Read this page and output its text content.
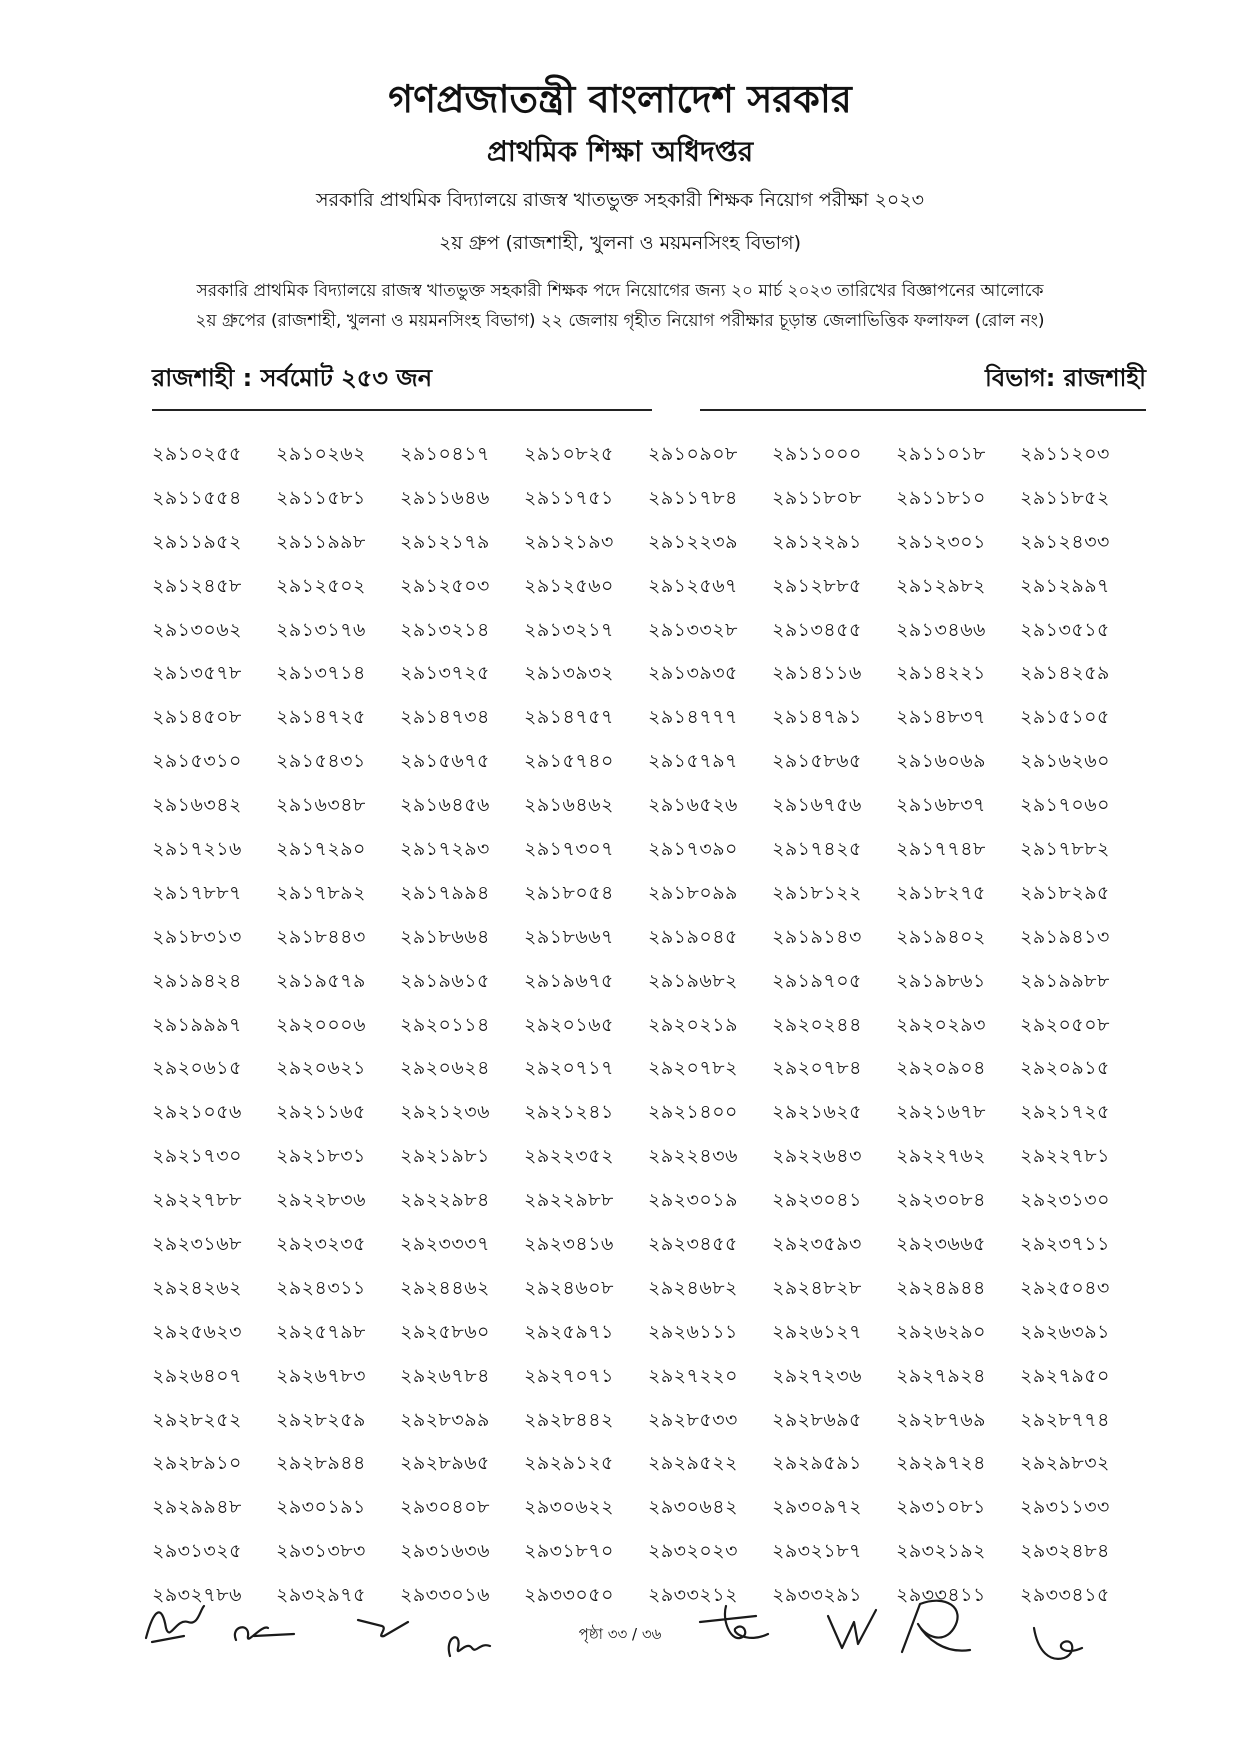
গণপ্রজাতন্ত্রী বাংলাদেশ সরকার
প্রাথমিক শিক্ষা অধিদপ্তর
সরকারি প্রাথমিক বিদ্যালয়ে রাজস্ব খাতভুক্ত সহকারী শিক্ষক নিয়োগ পরীক্ষা ২০২৩
২য় গ্রুপ (রাজশাহী, খুলনা ও ময়মনসিংহ বিভাগ)
সরকারি প্রাথমিক বিদ্যালয়ে রাজস্ব খাতভুক্ত সহকারী শিক্ষক পদে নিয়োগের জন্য ২০ মার্চ ২০২৩ তারিখের বিজ্ঞাপনের আলোকে
২য় গ্রুপের (রাজশাহী, খুলনা ও ময়মনসিংহ বিভাগ) ২২ জেলায় গৃহীত নিয়োগ পরীক্ষার চূড়ান্ত জেলাভিত্তিক ফলাফল (রোল নং)
রাজশাহী : সর্বমোট ২৫৩ জন	বিভাগ: রাজশাহী
২৯১০২৫৫	২৯১০২৬২	২৯১০৪১৭	২৯১০৮২৫	২৯১০৯০৮	২৯১১০০০	২৯১১০১৮	২৯১১২০৩
২৯১১৫৫৪	২৯১১৫৮১	২৯১১৬৪৬	২৯১১৭৫১	২৯১১৭৮৪	২৯১১৮০৮	২৯১১৮১০	২৯১১৮৫২
২৯১১৯৫২	২৯১১৯৯৮	২৯১২১৭৯	২৯১২১৯৩	২৯১২২৩৯	২৯১২২৯১	২৯১২৩০১	২৯১২৪৩৩
২৯১২৪৫৮	২৯১২৫০২	২৯১২৫০৩	২৯১২৫৬০	২৯১২৫৬৭	২৯১২৮৮৫	২৯১২৯৮২	২৯১২৯৯৭
২৯১৩০৬২	২৯১৩১৭৬	২৯১৩২১৪	২৯১৩২১৭	২৯১৩৩২৮	২৯১৩৪৫৫	২৯১৩৪৬৬	২৯১৩৫১৫
২৯১৩৫৭৮	২৯১৩৭১৪	২৯১৩৭২৫	২৯১৩৯৩২	২৯১৩৯৩৫	২৯১৪১১৬	২৯১৪২২১	২৯১৪২৫৯
২৯১৪৫০৮	২৯১৪৭২৫	২৯১৪৭৩৪	২৯১৪৭৫৭	২৯১৪৭৭৭	২৯১৪৭৯১	২৯১৪৮৩৭	২৯১৫১০৫
২৯১৫৩১০	২৯১৫৪৩১	২৯১৫৬৭৫	২৯১৫৭৪০	২৯১৫৭৯৭	২৯১৫৮৬৫	২৯১৬০৬৯	২৯১৬২৬০
২৯১৬৩৪২	২৯১৬৩৪৮	২৯১৬৪৫৬	২৯১৬৪৬২	২৯১৬৫২৬	২৯১৬৭৫৬	২৯১৬৮৩৭	২৯১৭০৬০
২৯১৭২১৬	২৯১৭২৯০	২৯১৭২৯৩	২৯১৭৩০৭	২৯১৭৩৯০	২৯১৭৪২৫	২৯১৭৭৪৮	২৯১৭৮৮২
২৯১৭৮৮৭	২৯১৭৮৯২	২৯১৭৯৯৪	২৯১৮০৫৪	২৯১৮০৯৯	২৯১৮১২২	২৯১৮২৭৫	২৯১৮২৯৫
২৯১৮৩১৩	২৯১৮৪৪৩	২৯১৮৬৬৪	২৯১৮৬৬৭	২৯১৯০৪৫	২৯১৯১৪৩	২৯১৯৪০২	২৯১৯৪১৩
২৯১৯৪২৪	২৯১৯৫৭৯	২৯১৯৬১৫	২৯১৯৬৭৫	২৯১৯৬৮২	২৯১৯৭০৫	২৯১৯৮৬১	২৯১৯৯৮৮
২৯১৯৯৯৭	২৯২০০০৬	২৯২০১১৪	২৯২০১৬৫	২৯২০২১৯	২৯২০২৪৪	২৯২০২৯৩	২৯২০৫০৮
২৯২০৬১৫	২৯২০৬২১	২৯২০৬২৪	২৯২০৭১৭	২৯২০৭৮২	২৯২০৭৮৪	২৯২০৯০৪	২৯২০৯১৫
২৯২১০৫৬	২৯২১১৬৫	২৯২১২৩৬	২৯২১২৪১	২৯২১৪০০	২৯২১৬২৫	২৯২১৬৭৮	২৯২১৭২৫
২৯২১৭৩০	২৯২১৮৩১	২৯২১৯৮১	২৯২২৩৫২	২৯২২৪৩৬	২৯২২৬৪৩	২৯২২৭৬২	২৯২২৭৮১
২৯২২৭৮৮	২৯২২৮৩৬	২৯২২৯৮৪	২৯২২৯৮৮	২৯২৩০১৯	২৯২৩০৪১	২৯২৩০৮৪	২৯২৩১৩০
২৯২৩১৬৮	২৯২৩২৩৫	২৯২৩৩৩৭	২৯২৩৪১৬	২৯২৩৪৫৫	২৯২৩৫৯৩	২৯২৩৬৬৫	২৯২৩৭১১
২৯২৪২৬২	২৯২৪৩১১	২৯২৪৪৬২	২৯২৪৬০৮	২৯২৪৬৮২	২৯২৪৮২৮	২৯২৪৯৪৪	২৯২৫০৪৩
২৯২৫৬২৩	২৯২৫৭৯৮	২৯২৫৮৬০	২৯২৫৯৭১	২৯২৬১১১	২৯২৬১২৭	২৯২৬২৯০	২৯২৬৩৯১
২৯২৬৪০৭	২৯২৬৭৮৩	২৯২৬৭৮৪	২৯২৭০৭১	২৯২৭২২০	২৯২৭২৩৬	২৯২৭৯২৪	২৯২৭৯৫০
২৯২৮২৫২	২৯২৮২৫৯	২৯২৮৩৯৯	২৯২৮৪৪২	২৯২৮৫৩৩	২৯২৮৬৯৫	২৯২৮৭৬৯	২৯২৮৭৭৪
২৯২৮৯১০	২৯২৮৯৪৪	২৯২৮৯৬৫	২৯২৯১২৫	২৯২৯৫২২	২৯২৯৫৯১	২৯২৯৭২৪	২৯২৯৮৩২
২৯২৯৯৪৮	২৯৩০১৯১	২৯৩০৪০৮	২৯৩০৬২২	২৯৩০৬৪২	২৯৩০৯৭২	২৯৩১০৮১	২৯৩১১৩৩
২৯৩১৩২৫	২৯৩১৩৮৩	২৯৩১৬৩৬	২৯৩১৮৭০	২৯৩২০২৩	২৯৩২১৮৭	২৯৩২১৯২	২৯৩২৪৮৪
২৯৩২৭৮৬	২৯৩২৯৭৫	২৯৩৩০১৬	২৯৩৩০৫০	২৯৩৩২১২	২৯৩৩২৯১	২৯৩৩৪১১	২৯৩৩৪১৫
পৃষ্ঠা ৩৩ / ৩৬
